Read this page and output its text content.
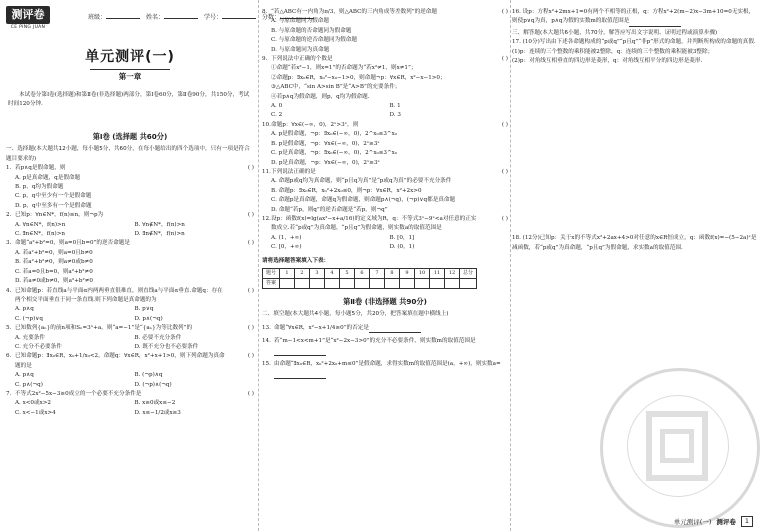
测评卷
CE PING JUAN
班级：	姓名：	学号：	分数：
单元测评(一)
第一章
本试卷分第Ⅰ卷(选择题)和第Ⅱ卷(非选择题)两部分，第Ⅰ卷60分，第Ⅱ卷90分，共150分，考试时间120分钟.
第Ⅰ卷 (选择题 共60分)
一、选择题(本大题共12小题，每小题5分，共60分，在每小题给出的四个选项中，只有一项是符合题目要求的)
1. 若p∧q是假命题，则	( )
A. p是真命题，q是假命题
B. p，q均为假命题
C. p，q中至少有一个是假命题
D. p，q中至多有一个是假命题
2. 已知p：∀n∈N*，f(n)≤n，则¬p为	( )
A. ∀n∈N*，f(n)>n	B. ∀n∉N*，f(n)>n
C. ∃n∈N*，f(n)>n	D. ∃n∉N*，f(n)>n
3. 命题“a²+b²=0，则a=0且b=0”的逆否命题是	( )
A. 若a²+b²=0，则a=0且b≠0
B. 若a²+b²≠0，则a≠0或b≠0
C. 若a=0且b=0，则a²+b²≠0
D. 若a≠0或b≠0，则a²+b²≠0
4. 已知命题p：若直线a与平面α内两两垂直很难直，则直线a与平面α垂直.命题q：存在两个相交平面垂直于同一条直线.则下列命题是真命题的为
( )
A. p∧q	B. p∨q
C. (¬p)∨q	D. p∧(¬q)
5. 已知数列{aₙ}的前n项和Sₙ=3ⁿ+a，则“a=−1”是“{aₙ}为等比数列”的	( )
A. 充要条件	B. 必要不充分条件
C. 充分不必要条件	D. 既不充分也不必要条件
6. 已知命题p：∃x₀∈R，x₀+1/x₀<2，命题q：∀x∈R，x²+x+1>0，则下列命题为真命题的是
( )
A. p∧q	B. (¬p)∧q
C. p∧(¬q)	D. (¬p)∧(¬q)
7. 不等式2x²−5x−3≥0成立的一个必要不充分条件是	( )
A. x<0或x>2	B. x≥0或x≤−2
C. x<−1或x>4	D. x≤−1/2或x≥3
8. “若△ABC有一内角为π/3，则△ABC的三内角成等差数列”的逆命题	( )
A. 与原命题同为假命题
B. 与原命题的否命题同为假命题
C. 与原命题的逆否命题同为假命题
D. 与原命题同为真命题
9. 下列说法中正确的个数是	( )
①命题“若x²−1，则x=1”的否命题为“若x²≠1，则x≠1”；
②命题p：∃x₀∈R，x₀²−x₀−1>0，则命题¬p：∀x∈R，x²−x−1>0；
③△ABC中，“sin A>sin B”是“A>B”的充要条件；
④若p∧q为假命题，则p，q均为假命题.
A. 0	B. 1
C. 2	D. 3
10. 命题p：∀x∈(−∞，0)，2ˣ>3ˣ，则	( )
A. p是假命题，¬p：∃x₀∈(−∞，0)，2^x₀≤3^x₀
B. p是假命题，¬p：∀x∈(−∞，0)，2ˣ≥3ˣ
C. p是真命题，¬p：∃x₀∈(−∞，0)，2^x₀≤3^x₀
D. p是真命题，¬p：∀x∈(−∞，0)，2ˣ≥3ˣ
11. 下列说法正确的是	( )
A. 命题p或q均为真命题，则“p且q为真”是“p或q为真”的必要不充分条件
B. 命题p：∃x₀∈R，x₀²+2x₀≤0，则¬p：∀x∈R，x²+2x>0
C. 命题p是真命题，命题q为假命题，则命题p∧(¬q)，(¬p)∨q都是真命题
D. 命题“若p，则q”的逆否命题是“若p，则¬q”
12. 设p：函数f(x)=lg(ax²−x+a/16)的定义域为R，q：不等式3ˣ−9ˣ<a对任意的正实数成立.若“p或q”为真命题，“p且q”为假命题，则实数a的取值范围是
( )
A. (1，+∞)	B. [0，1]
C. [0，+∞)	D. (0，1)
请将选择题答案填入下表：
题号	1	2	3	4	5	6	7	8	9	10	11	12	总分
答案													
第Ⅱ卷 (非选择题 共90分)
二、填空题(本大题共4小题，每小题5分，共20分，把答案填在题中横线上)
13. 命题“∀x∈R，x²−x+1/4≥0”的否定是
14. 若“m−1<x<m+1”是“x²−2x−3>0”的充分不必要条件，则实数m的取值范围是
15. 由命题“∃x₀∈R，x₀²+2x₀+m≤0”是假命题，求得实数m的取值范围是(a，+∞)，则实数a=
16. 设p：方程x²+2mx+1=0有两个不相等的正根，q：方程x²+2(m−2)x−3m+10=0无实根，则使p∨q为真，p∧q为假的实数m的取值范围是
三、解答题(本大题共6小题，共70分，解答应写出文字说明、证明过程或演算步骤)
17. (10分)写出由下述各命题构成的“p或q”“p且q”“非p”形式的命题，并判断所构成的命题的真假.
(1)p：连续的三个整数的乘积能被2整除，q：连续的三个整数的乘积能被3整除；
(2)p：对角线互相垂直的四边形是菱形，q：对角线互相平分的四边形是菱形.
18. (12分)已知p：关于x的不等式x²+2ax+4>0对任意的x∈R恒成立，q：函数f(x)=−(5−2a)ˣ是减函数，若“p或q”为真命题，“p且q”为假命题，求实数a的取值范围.
单元测评(一) 测评卷	1
